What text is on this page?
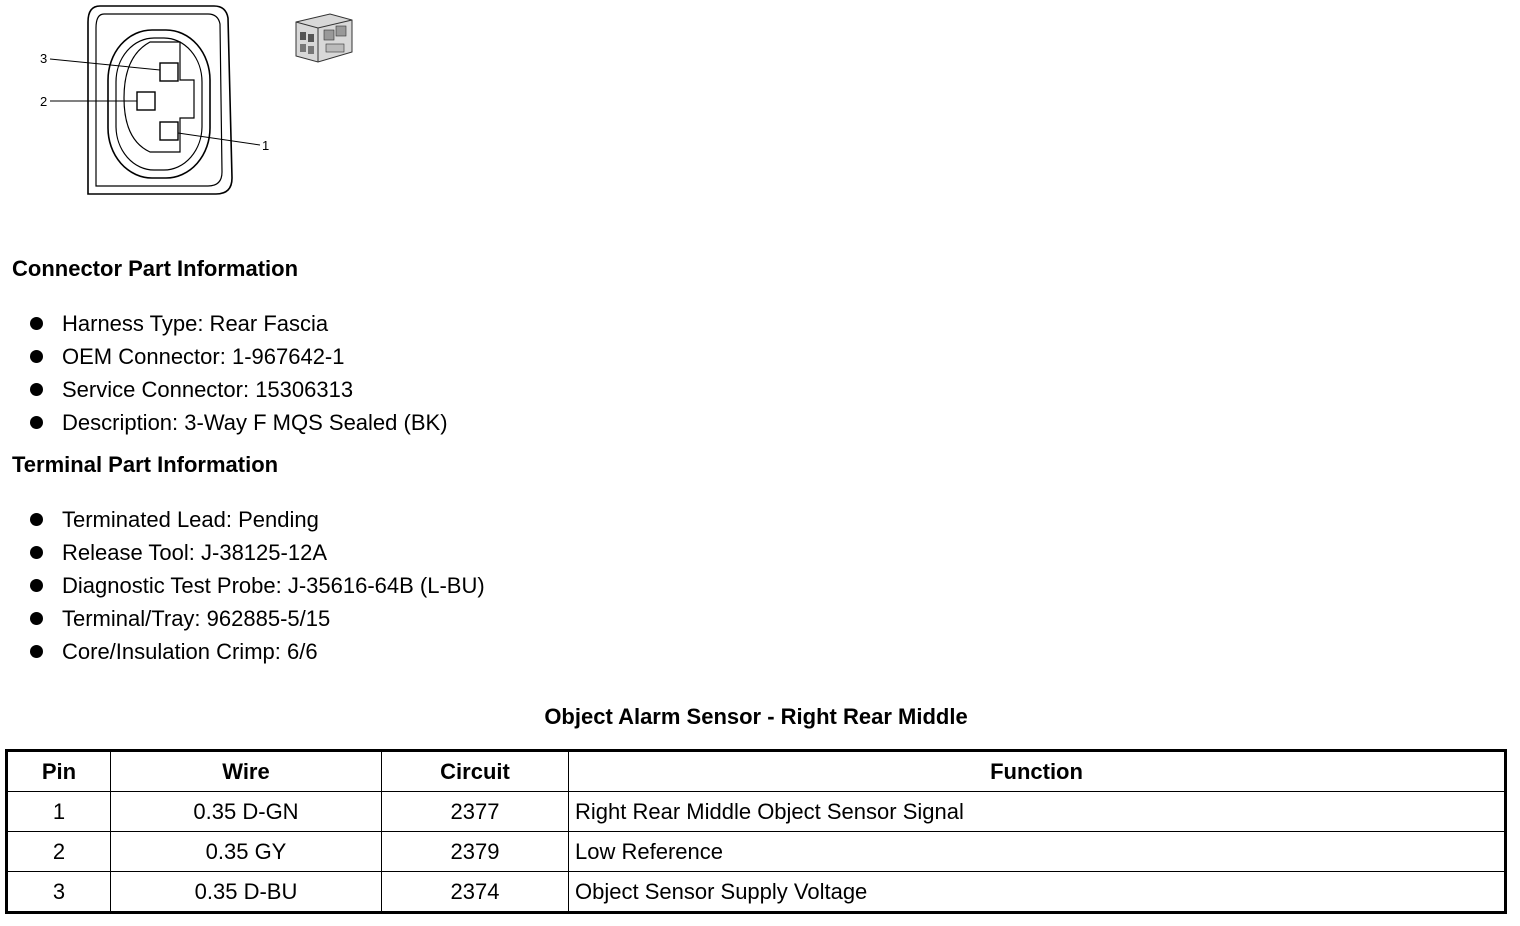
3
2
1
Connector Part Information
Harness Type: Rear Fascia
OEM Connector: 1-967642-1
Service Connector: 15306313
Description: 3-Way F MQS Sealed (BK)
Terminal Part Information
Terminated Lead: Pending
Release Tool: J-38125-12A
Diagnostic Test Probe: J-35616-64B (L-BU)
Terminal/Tray: 962885-5/15
Core/Insulation Crimp: 6/6
Object Alarm Sensor - Right Rear Middle
Pin	Wire	Circuit	Function
1	0.35 D-GN	2377	Right Rear Middle Object Sensor Signal
2	0.35 GY	2379	Low Reference
3	0.35 D-BU	2374	Object Sensor Supply Voltage
